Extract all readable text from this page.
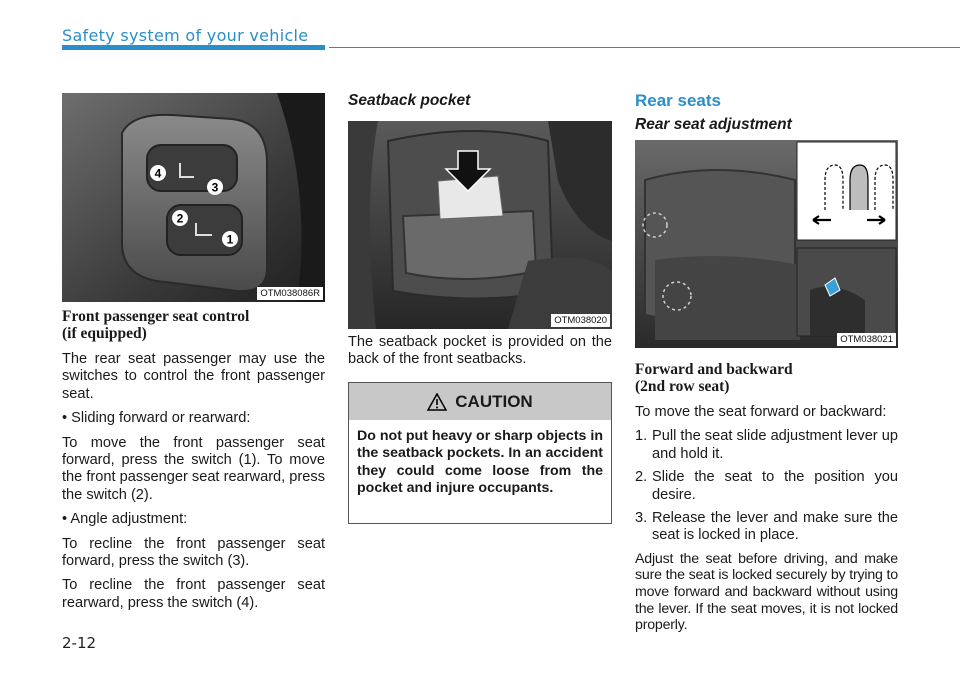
Safety system of your vehicle
4
3
2
1
OTM038086R
OTM038020
OTM038021
Front passenger seat control
(if equipped)

The rear seat passenger may use the switches to control the front passenger seat.

• Sliding forward or rearward:

To move the front passenger seat forward, press the switch (1). To move the front passenger seat rearward, press the switch (2).

• Angle adjustment:

To recline the front passenger seat forward, press the switch (3).

To recline the front passenger seat rearward, press the switch (4).

Seatback pocket

The seatback pocket is provided on the back of the front seatbacks.

CAUTION
Do not put heavy or sharp objects in the seatback pockets. In an accident they could come loose from the pocket and injure occupants.
Rear seats
Rear seat adjustment
Forward and backward
(2nd row seat)

To move the seat forward or backward:

1. Pull the seat slide adjustment lever up and hold it.
2. Slide the seat to the position you desire.
3. Release the lever and make sure the seat is locked in place.

Adjust the seat before driving, and make sure the seat is locked securely by trying to move forward and backward without using the lever. If the seat moves, it is not locked properly.

2-12
